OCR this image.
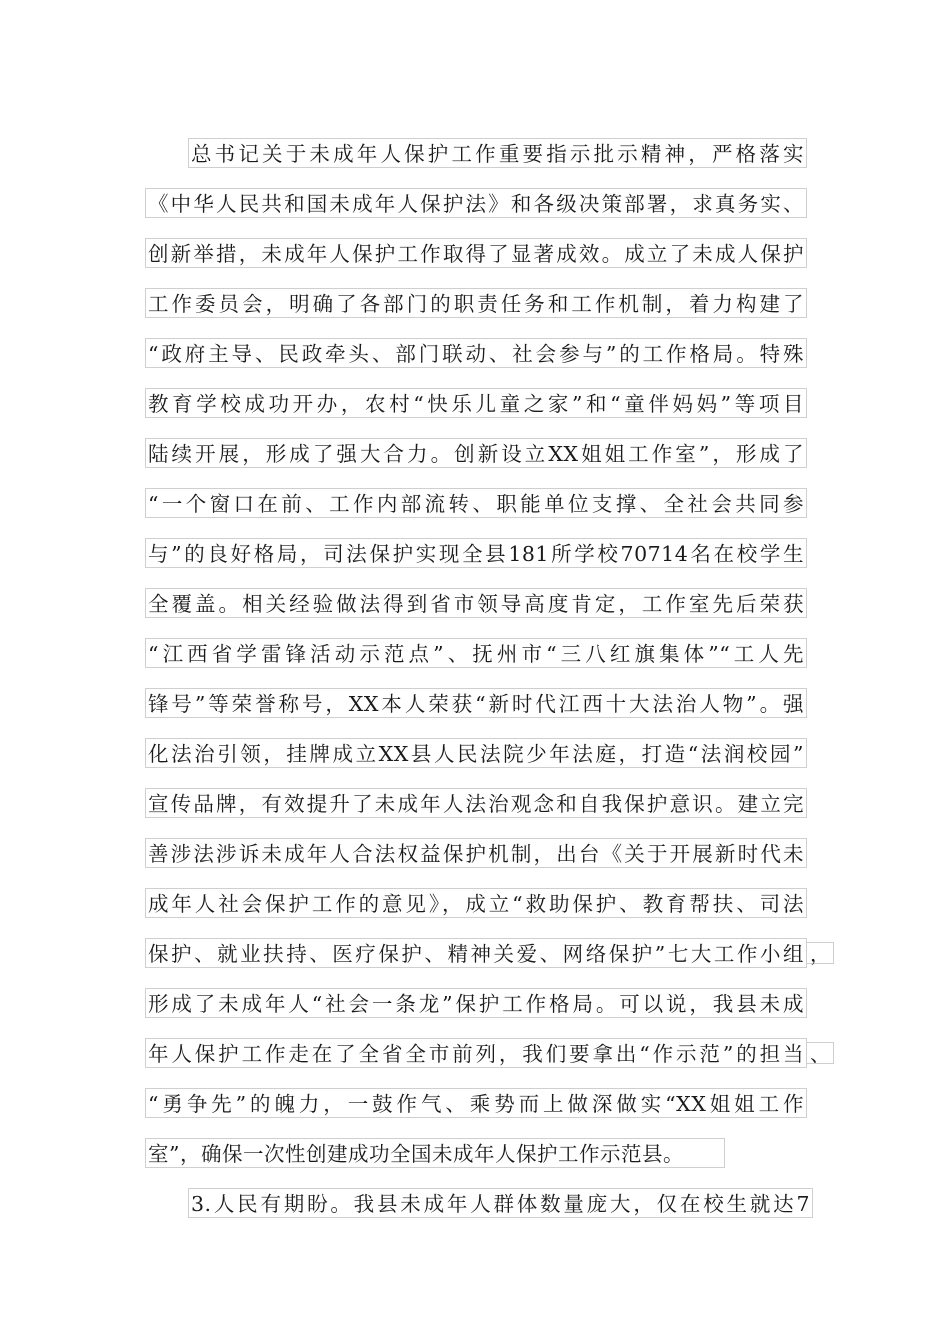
总书记关于未成年人保护工作重要指示批示精神，严格落实
《中华人民共和国未成年人保护法》和各级决策部署，求真务实、
创新举措，未成年人保护工作取得了显著成效。成立了未成人保护
工作委员会，明确了各部门的职责任务和工作机制，着力构建了
“政府主导、民政牵头、部门联动、社会参与”的工作格局。特殊
教育学校成功开办，农村“快乐儿童之家”和“童伴妈妈”等项目
陆续开展，形成了强大合力。创新设立XX姐姐工作室”，形成了
“一个窗口在前、工作内部流转、职能单位支撑、全社会共同参
与”的良好格局，司法保护实现全县181所学校70714名在校学生
全覆盖。相关经验做法得到省市领导高度肯定，工作室先后荣获
“江西省学雷锋活动示范点”、抚州市“三八红旗集体”“工人先
锋号”等荣誉称号，XX本人荣获“新时代江西十大法治人物”。强
化法治引领，挂牌成立XX县人民法院少年法庭，打造“法润校园”
宣传品牌，有效提升了未成年人法治观念和自我保护意识。建立完
善涉法涉诉未成年人合法权益保护机制，出台《关于开展新时代未
成年人社会保护工作的意见》，成立“救助保护、教育帮扶、司法
保护、就业扶持、医疗保护、精神关爱、网络保护”七大工作小组 ，
形成了未成年人“社会一条龙”保护工作格局。可以说，我县未成
年人保护工作走在了全省全市前列，我们要拿出“作示范”的担当 、
“勇争先”的魄力，一鼓作气、乘势而上做深做实“XX姐姐工作
室”，确保一次性创建成功全国未成年人保护工作示范县。
3.人民有期盼。我县未成年人群体数量庞大，仅在校生就达7
